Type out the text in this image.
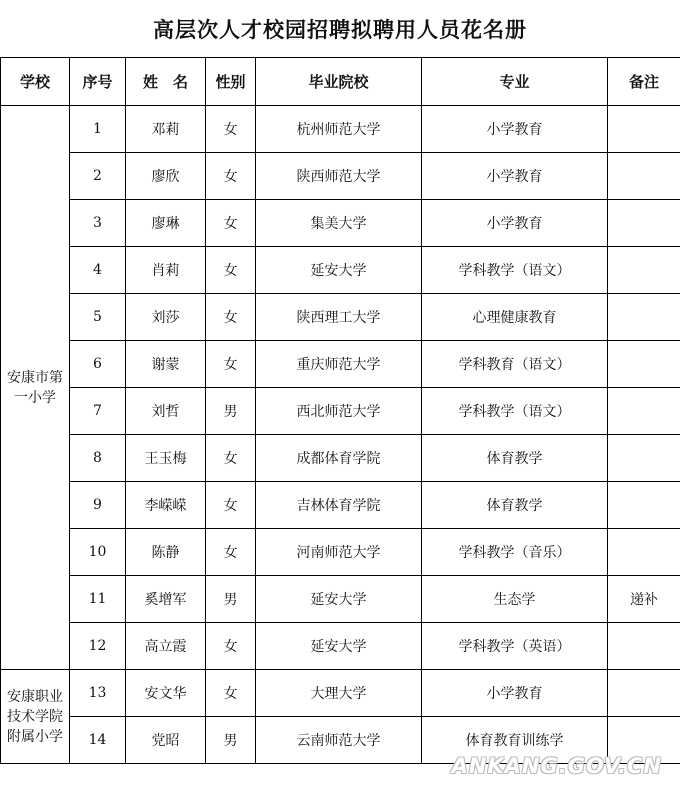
高层次人才校园招聘拟聘用人员花名册
学校	序号	姓　名	性别	毕业院校	专业	备注
安康市第
一小学	1	邓莉	女	杭州师范大学	小学教育	
	2	廖欣	女	陕西师范大学	小学教育	
	3	廖琳	女	集美大学	小学教育	
	4	肖莉	女	延安大学	学科教学（语文）	
	5	刘莎	女	陕西理工大学	心理健康教育	
	6	谢蒙	女	重庆师范大学	学科教育（语文）	
	7	刘哲	男	西北师范大学	学科教学（语文）	
	8	王玉梅	女	成都体育学院	体育教学	
	9	李嵘嵘	女	吉林体育学院	体育教学	
	10	陈静	女	河南师范大学	学科教学（音乐）	
	11	奚增军	男	延安大学	生态学	递补
	12	高立霞	女	延安大学	学科教学（英语）	
安康职业
技术学院
附属小学	13	安文华	女	大理大学	小学教育	
	14	党昭	男	云南师范大学	体育教育训练学	
ANKANG.GOV.CN
